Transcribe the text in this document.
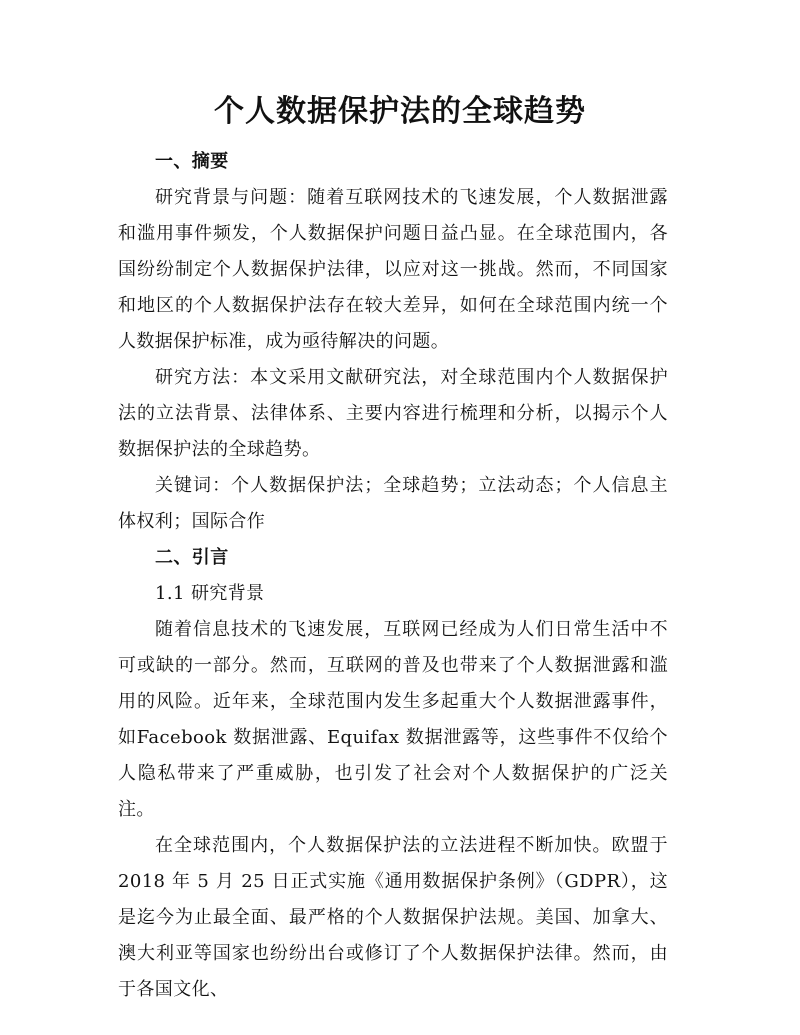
个人数据保护法的全球趋势

一、摘要

研究背景与问题：随着互联网技术的飞速发展，个人数据泄露和滥用事件频发，个人数据保护问题日益凸显。在全球范围内，各国纷纷制定个人数据保护法律，以应对这一挑战。然而，不同国家和地区的个人数据保护法存在较大差异，如何在全球范围内统一个人数据保护标准，成为亟待解决的问题。

研究方法：本文采用文献研究法，对全球范围内个人数据保护法的立法背景、法律体系、主要内容进行梳理和分析，以揭示个人数据保护法的全球趋势。

关键词：个人数据保护法；全球趋势；立法动态；个人信息主体权利；国际合作

二、引言

1.1 研究背景

随着信息技术的飞速发展，互联网已经成为人们日常生活中不可或缺的一部分。然而，互联网的普及也带来了个人数据泄露和滥用的风险。近年来，全球范围内发生多起重大个人数据泄露事件，如Facebook 数据泄露、Equifax 数据泄露等，这些事件不仅给个人隐私带来了严重威胁，也引发了社会对个人数据保护的广泛关注。

在全球范围内，个人数据保护法的立法进程不断加快。欧盟于2018 年 5 月 25 日正式实施《通用数据保护条例》（GDPR），这是迄今为止最全面、最严格的个人数据保护法规。美国、加拿大、澳大利亚等国家也纷纷出台或修订了个人数据保护法律。然而，由于各国文化、
